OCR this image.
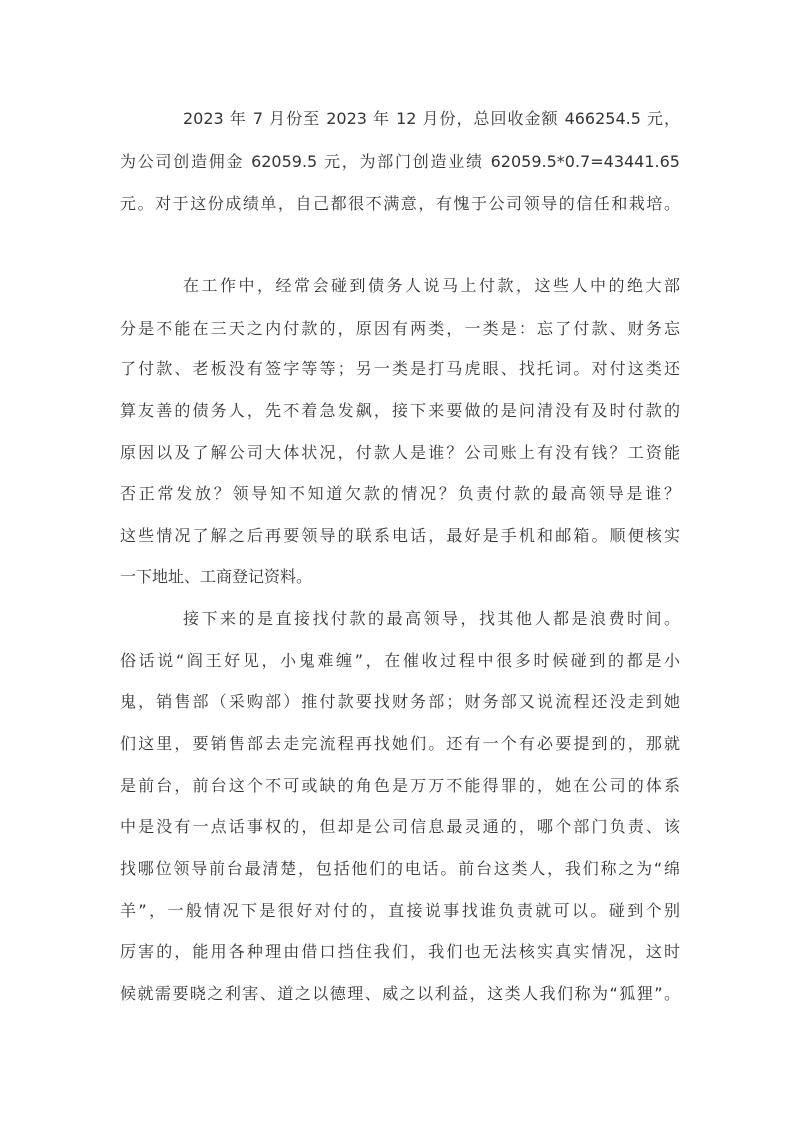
2023 年 7 月份至 2023 年 12 月份，总回收金额 466254.5 元，
为公司创造佣金 62059.5 元，为部门创造业绩 62059.5*0.7=43441.65
元。对于这份成绩单，自己都很不满意，有愧于公司领导的信任和栽培。
在工作中，经常会碰到债务人说马上付款，这些人中的绝大部
分是不能在三天之内付款的，原因有两类，一类是：忘了付款、财务忘
了付款、老板没有签字等等；另一类是打马虎眼、找托词。对付这类还
算友善的债务人，先不着急发飙，接下来要做的是问清没有及时付款的
原因以及了解公司大体状况，付款人是谁？公司账上有没有钱？工资能
否正常发放？领导知不知道欠款的情况？负责付款的最高领导是谁？
这些情况了解之后再要领导的联系电话，最好是手机和邮箱。顺便核实
一下地址、工商登记资料。
接下来的是直接找付款的最高领导，找其他人都是浪费时间。
俗话说“阎王好见，小鬼难缠”，在催收过程中很多时候碰到的都是小
鬼，销售部（采购部）推付款要找财务部；财务部又说流程还没走到她
们这里，要销售部去走完流程再找她们。还有一个有必要提到的，那就
是前台，前台这个不可或缺的角色是万万不能得罪的，她在公司的体系
中是没有一点话事权的，但却是公司信息最灵通的，哪个部门负责、该
找哪位领导前台最清楚，包括他们的电话。前台这类人，我们称之为“绵
羊”，一般情况下是很好对付的，直接说事找谁负责就可以。碰到个别
厉害的，能用各种理由借口挡住我们，我们也无法核实真实情况，这时
候就需要晓之利害、道之以德理、威之以利益，这类人我们称为“狐狸”。
